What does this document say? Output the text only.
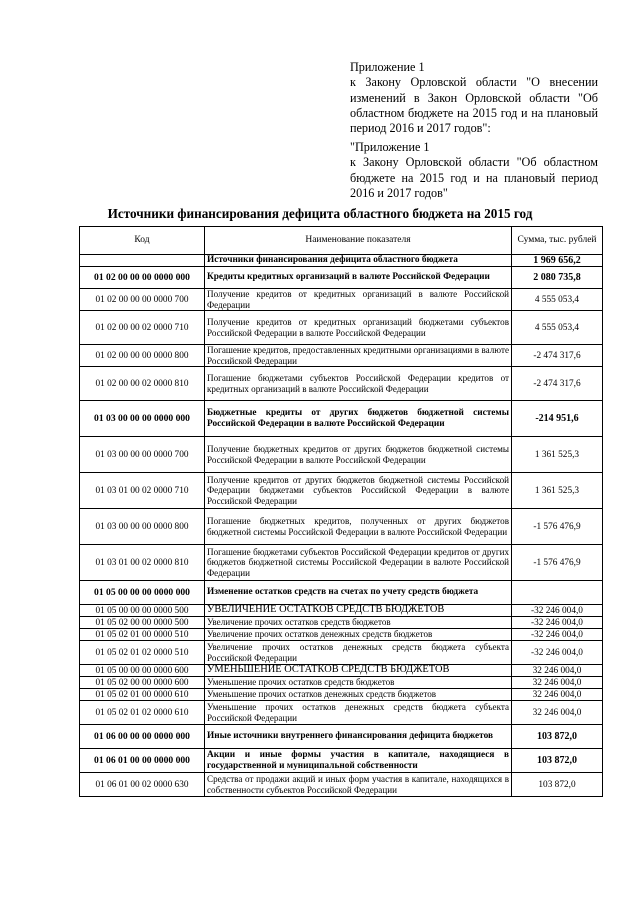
Приложение 1
к Закону Орловской области "О внесении изменений в Закон Орловской области "Об областном бюджете на 2015 год и на плановый период 2016 и 2017 годов":
"Приложение 1
к Закону Орловской области "Об областном бюджете на 2015 год и на плановый период 2016 и 2017 годов"
Источники финансирования дефицита областного бюджета на 2015 год
Код	Наименование показателя	Сумма, тыс. рублей
	Источники финансирования дефицита областного бюджета	1 969 656,2
01 02 00 00 00 0000 000	Кредиты кредитных организаций в валюте Российской Федерации	2 080 735,8
01 02 00 00 00 0000 700	Получение кредитов от кредитных организаций в валюте Российской Федерации	4 555 053,4
01 02 00 00 02 0000 710	Получение кредитов от кредитных организаций бюджетами субъектов Российской Федерации в валюте Российской Федерации	4 555 053,4
01 02 00 00 00 0000 800	Погашение кредитов, предоставленных кредитными организациями в валюте Российской Федерации	-2 474 317,6
01 02 00 00 02 0000 810	Погашение бюджетами субъектов Российской Федерации кредитов от кредитных организаций в валюте Российской Федерации	-2 474 317,6
01 03 00 00 00 0000 000	Бюджетные кредиты от других бюджетов бюджетной системы Российской Федерации в валюте Российской Федерации	-214 951,6
01 03 00 00 00 0000 700	Получение бюджетных кредитов от других бюджетов бюджетной системы Российской Федерации в валюте Российской Федерации	1 361 525,3
01 03 01 00 02 0000 710	Получение кредитов от других бюджетов бюджетной системы Российской Федерации бюджетами субъектов Российской Федерации в валюте Российской Федерации	1 361 525,3
01 03 00 00 00 0000 800	Погашение бюджетных кредитов, полученных от других бюджетов бюджетной системы Российской Федерации в валюте Российской Федерации	-1 576 476,9
01 03 01 00 02 0000 810	Погашение бюджетами субъектов Российской Федерации кредитов от других бюджетов бюджетной системы Российской Федерации в валюте Российской Федерации	-1 576 476,9
01 05 00 00 00 0000 000	Изменение остатков средств на счетах по учету средств бюджета	
01 05 00 00 00 0000 500	УВЕЛИЧЕНИЕ ОСТАТКОВ СРЕДСТВ БЮДЖЕТОВ	-32 246 004,0
01 05 02 00 00 0000 500	Увеличение прочих остатков средств бюджетов	-32 246 004,0
01 05 02 01 00 0000 510	Увеличение прочих остатков денежных средств бюджетов	-32 246 004,0
01 05 02 01 02 0000 510	Увеличение прочих остатков денежных средств бюджета субъекта Российской Федерации	-32 246 004,0
01 05 00 00 00 0000 600	УМЕНЬШЕНИЕ ОСТАТКОВ СРЕДСТВ БЮДЖЕТОВ	32 246 004,0
01 05 02 00 00 0000 600	Уменьшение прочих остатков средств бюджетов	32 246 004,0
01 05 02 01 00 0000 610	Уменьшение прочих остатков денежных средств бюджетов	32 246 004,0
01 05 02 01 02 0000 610	Уменьшение прочих остатков денежных средств бюджета субъекта Российской Федерации	32 246 004,0
01 06 00 00 00 0000 000	Иные источники внутреннего финансирования дефицита бюджетов	103 872,0
01 06 01 00 00 0000 000	Акции и иные формы участия в капитале, находящиеся в государственной и муниципальной собственности	103 872,0
01 06 01 00 02 0000 630	Средства от продажи акций и иных форм участия в капитале, находящихся в собственности субъектов Российской Федерации	103 872,0
